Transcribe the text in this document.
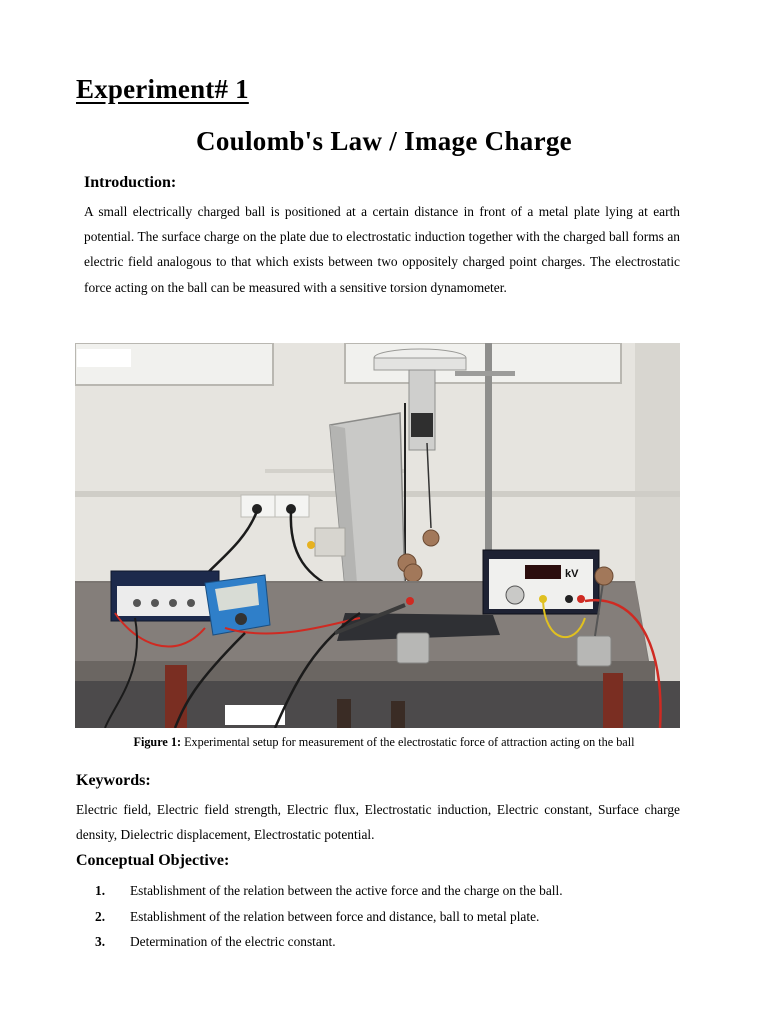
Experiment# 1
Coulomb's Law / Image Charge
Introduction:

A small electrically charged ball is positioned at a certain distance in front of a metal plate lying at earth potential. The surface charge on the plate due to electrostatic induction together with the charged ball forms an electric field analogous to that which exists between two oppositely charged point charges. The electrostatic force acting on the ball can be measured with a sensitive torsion dynamometer.

kV
Figure 1: Experimental setup for measurement of the electrostatic force of attraction acting on the ball
Keywords:

Electric field, Electric field strength, Electric flux, Electrostatic induction, Electric constant, Surface charge density, Dielectric displacement, Electrostatic potential.

Conceptual Objective:
1.	Establishment of the relation between the active force and the charge on the ball.
2.	Establishment of the relation between force and distance, ball to metal plate.
3.	Determination of the electric constant.
